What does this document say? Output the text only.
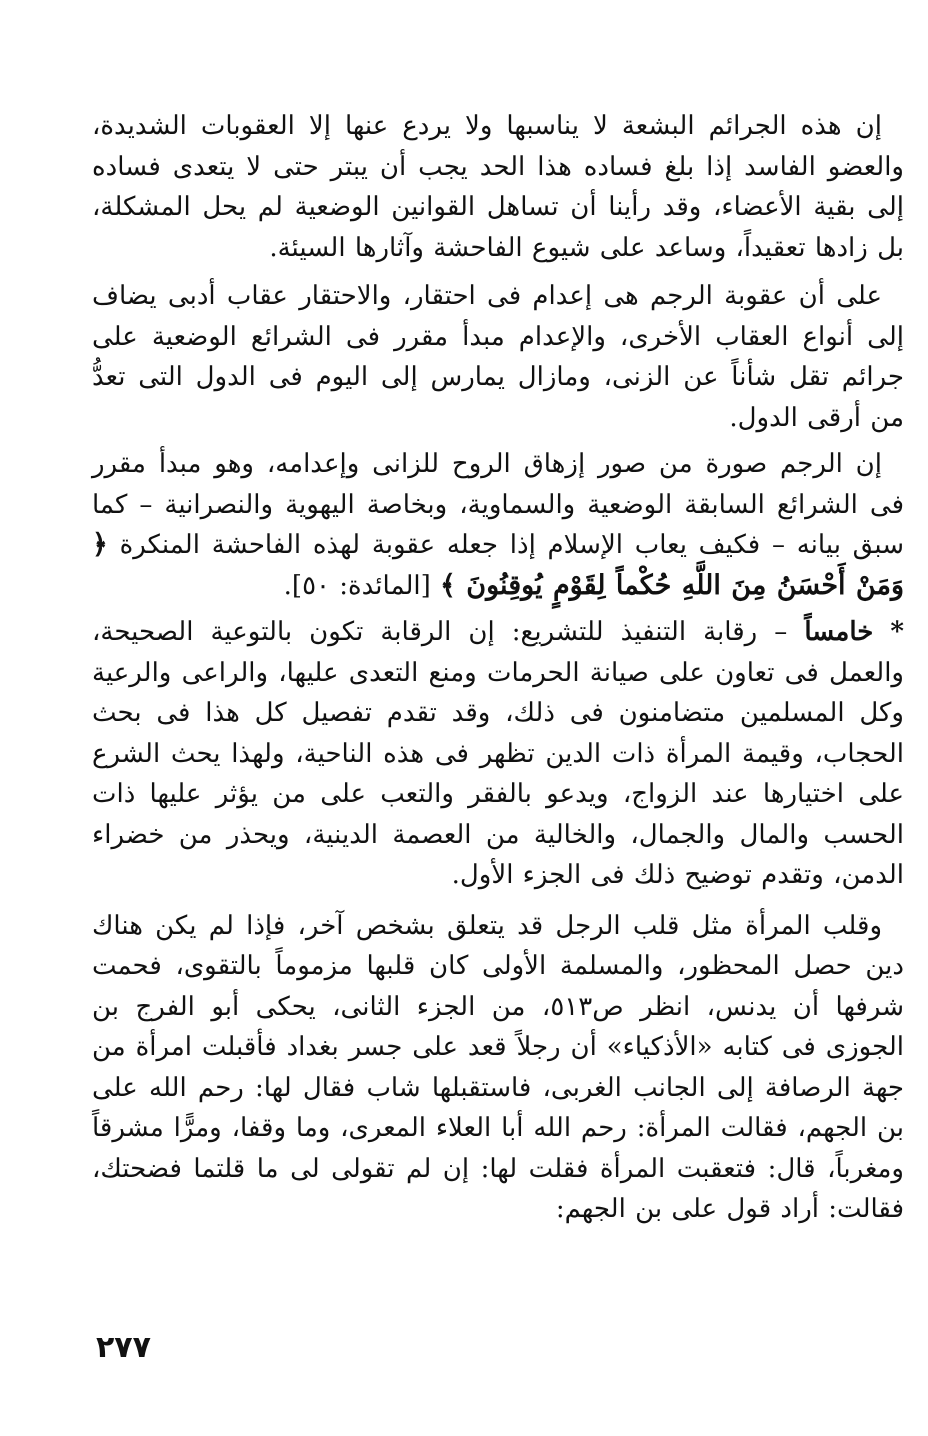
إن هذه الجرائم البشعة لا يناسبها ولا يردع عنها إلا العقوبات الشديدة، والعضو الفاسد إذا بلغ فساده هذا الحد يجب أن يبتر حتى لا يتعدى فساده إلى بقية الأعضاء، وقد رأينا أن تساهل القوانين الوضعية لم يحل المشكلة، بل زادها تعقيداً، وساعد على شيوع الفاحشة وآثارها السيئة.

على أن عقوبة الرجم هى إعدام فى احتقار، والاحتقار عقاب أدبى يضاف إلى أنواع العقاب الأخرى، والإعدام مبدأ مقرر فى الشرائع الوضعية على جرائم تقل شأناً عن الزنى، ومازال يمارس إلى اليوم فى الدول التى تعدُّ من أرقى الدول.

إن الرجم صورة من صور إزهاق الروح للزانى وإعدامه، وهو مبدأ مقرر فى الشرائع السابقة الوضعية والسماوية، وبخاصة اليهوية والنصرانية – كما سبق بيانه – فكيف يعاب الإسلام إذا جعله عقوبة لهذه الفاحشة المنكرة ﴿ وَمَنْ أَحْسَنُ مِنَ اللَّهِ حُكْماً لِقَوْمٍ يُوقِنُونَ ﴾ [المائدة: ٥٠].

* خامساً – رقابة التنفيذ للتشريع: إن الرقابة تكون بالتوعية الصحيحة، والعمل فى تعاون على صيانة الحرمات ومنع التعدى عليها، والراعى والرعية وكل المسلمين متضامنون فى ذلك، وقد تقدم تفصيل كل هذا فى بحث الحجاب، وقيمة المرأة ذات الدين تظهر فى هذه الناحية، ولهذا يحث الشرع على اختيارها عند الزواج، ويدعو بالفقر والتعب على من يؤثر عليها ذات الحسب والمال والجمال، والخالية من العصمة الدينية، ويحذر من خضراء الدمن، وتقدم توضيح ذلك فى الجزء الأول.

وقلب المرأة مثل قلب الرجل قد يتعلق بشخص آخر، فإذا لم يكن هناك دين حصل المحظور، والمسلمة الأولى كان قلبها مزموماً بالتقوى، فحمت شرفها أن يدنس، انظر ص٥١٣، من الجزء الثانى، يحكى أبو الفرج بن الجوزى فى كتابه «الأذكياء» أن رجلاً قعد على جسر بغداد فأقبلت امرأة من جهة الرصافة إلى الجانب الغربى، فاستقبلها شاب فقال لها: رحم الله على بن الجهم، فقالت المرأة: رحم الله أبا العلاء المعرى، وما وقفا، ومرًّا مشرقاً ومغرباً، قال: فتعقبت المرأة فقلت لها: إن لم تقولى لى ما قلتما فضحتك، فقالت: أراد قول على بن الجهم:

٢٧٧
